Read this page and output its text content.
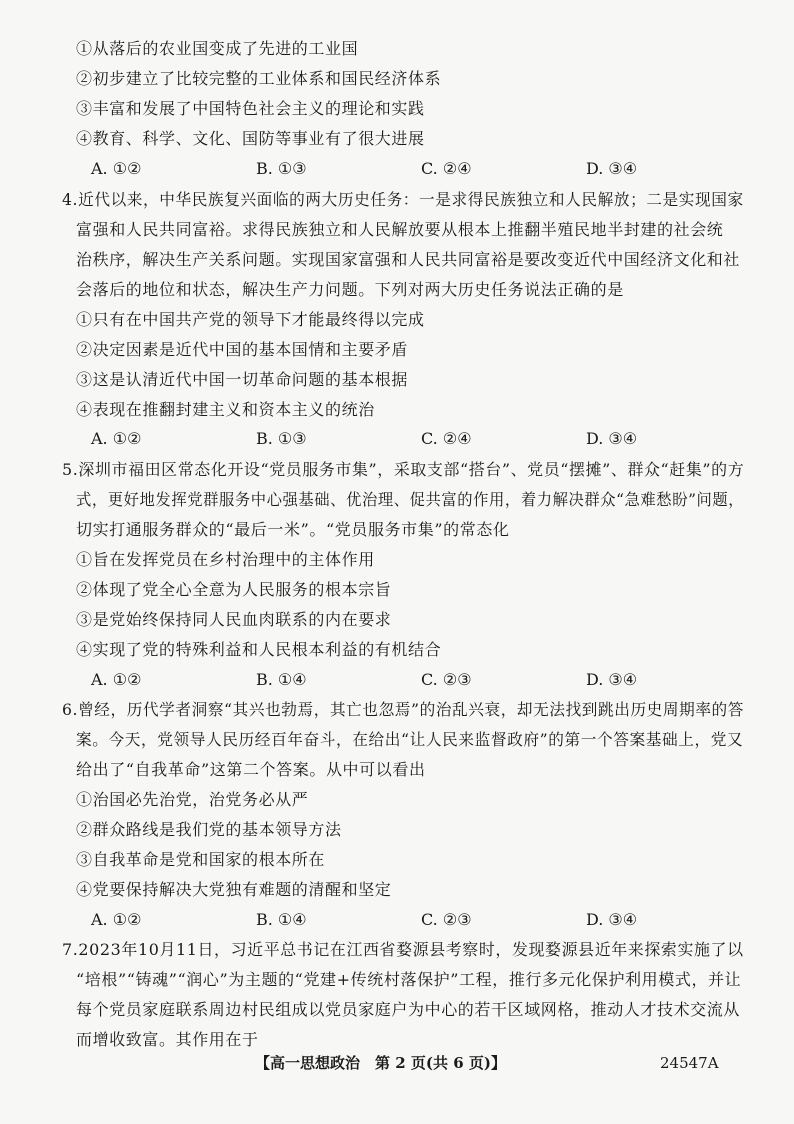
①从落后的农业国变成了先进的工业国
②初步建立了比较完整的工业体系和国民经济体系
③丰富和发展了中国特色社会主义的理论和实践
④教育、科学、文化、国防等事业有了很大进展
A. ①②	B. ①③	C. ②④	D. ③④
4.近代以来，中华民族复兴面临的两大历史任务：一是求得民族独立和人民解放；二是实现国家
富强和人民共同富裕。求得民族独立和人民解放要从根本上推翻半殖民地半封建的社会统
治秩序，解决生产关系问题。实现国家富强和人民共同富裕是要改变近代中国经济文化和社
会落后的地位和状态，解决生产力问题。下列对两大历史任务说法正确的是
①只有在中国共产党的领导下才能最终得以完成
②决定因素是近代中国的基本国情和主要矛盾
③这是认清近代中国一切革命问题的基本根据
④表现在推翻封建主义和资本主义的统治
A. ①②	B. ①③	C. ②④	D. ③④
5.深圳市福田区常态化开设“党员服务市集”，采取支部“搭台”、党员“摆摊”、群众“赶集”的方
式，更好地发挥党群服务中心强基础、优治理、促共富的作用，着力解决群众“急难愁盼”问题，
切实打通服务群众的“最后一米”。“党员服务市集”的常态化
①旨在发挥党员在乡村治理中的主体作用
②体现了党全心全意为人民服务的根本宗旨
③是党始终保持同人民血肉联系的内在要求
④实现了党的特殊利益和人民根本利益的有机结合
A. ①②	B. ①④	C. ②③	D. ③④
6.曾经，历代学者洞察“其兴也勃焉，其亡也忽焉”的治乱兴衰，却无法找到跳出历史周期率的答
案。今天，党领导人民历经百年奋斗，在给出“让人民来监督政府”的第一个答案基础上，党又
给出了“自我革命”这第二个答案。从中可以看出
①治国必先治党，治党务必从严
②群众路线是我们党的基本领导方法
③自我革命是党和国家的根本所在
④党要保持解决大党独有难题的清醒和坚定
A. ①②	B. ①④	C. ②③	D. ③④
7.2023年10月11日，习近平总书记在江西省婺源县考察时，发现婺源县近年来探索实施了以
“培根”“铸魂”“润心”为主题的“党建+传统村落保护”工程，推行多元化保护利用模式，并让
每个党员家庭联系周边村民组成以党员家庭户为中心的若干区域网格，推动人才技术交流从
而增收致富。其作用在于
【高一思想政治　第 2 页(共 6 页)】	24547A
